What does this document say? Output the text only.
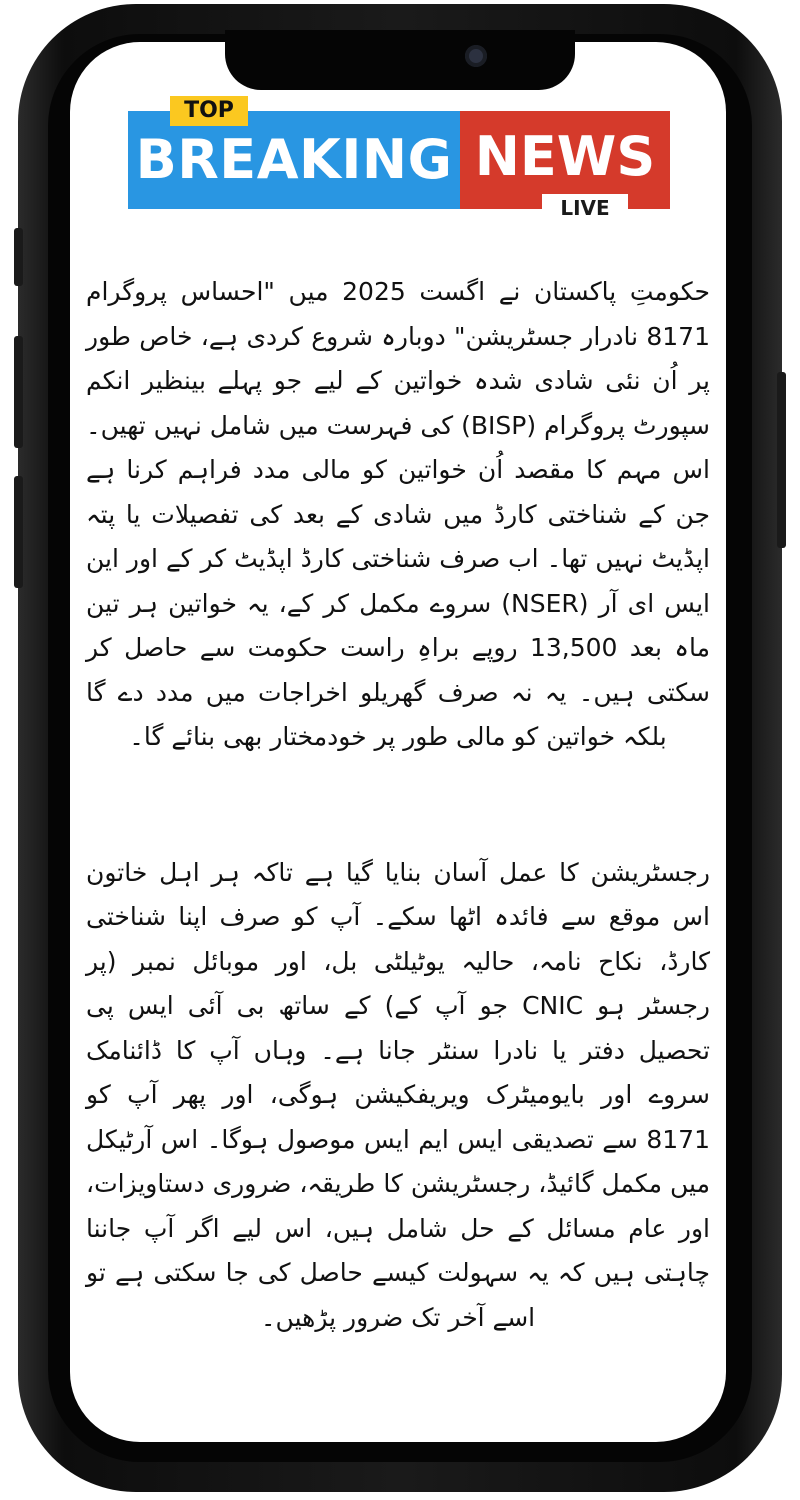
BREAKING NEWS
TOP
LIVE

حکومتِ پاکستان نے اگست 2025 میں "احساس پروگرام 8171 نادرار جسٹریشن" دوبارہ شروع کردی ہے، خاص طور پر اُن نئی شادی شدہ خواتین کے لیے جو پہلے بینظیر انکم سپورٹ پروگرام (BISP) کی فہرست میں شامل نہیں تھیں۔ اس مہم کا مقصد اُن خواتین کو مالی مدد فراہم کرنا ہے جن کے شناختی کارڈ میں شادی کے بعد کی تفصیلات یا پتہ اپڈیٹ نہیں تھا۔ اب صرف شناختی کارڈ اپڈیٹ کر کے اور این ایس ای آر (NSER) سروے مکمل کر کے، یہ خواتین ہر تین ماہ بعد 13,500 روپے براہِ راست حکومت سے حاصل کر سکتی ہیں۔ یہ نہ صرف گھریلو اخراجات میں مدد دے گا بلکہ خواتین کو مالی طور پر خودمختار بھی بنائے گا۔

رجسٹریشن کا عمل آسان بنایا گیا ہے تاکہ ہر اہل خاتون اس موقع سے فائدہ اٹھا سکے۔ آپ کو صرف اپنا شناختی کارڈ، نکاح نامہ، حالیہ یوٹیلٹی بل، اور موبائل نمبر (پر رجسٹر ہو CNIC جو آپ کے) کے ساتھ بی آئی ایس پی تحصیل دفتر یا نادرا سنٹر جانا ہے۔ وہاں آپ کا ڈائنامک سروے اور بایومیٹرک ویریفکیشن ہوگی، اور پھر آپ کو 8171 سے تصدیقی ایس ایم ایس موصول ہوگا۔ اس آرٹیکل میں مکمل گائیڈ، رجسٹریشن کا طریقہ، ضروری دستاویزات، اور عام مسائل کے حل شامل ہیں، اس لیے اگر آپ جاننا چاہتی ہیں کہ یہ سہولت کیسے حاصل کی جا سکتی ہے تو اسے آخر تک ضرور پڑھیں۔
